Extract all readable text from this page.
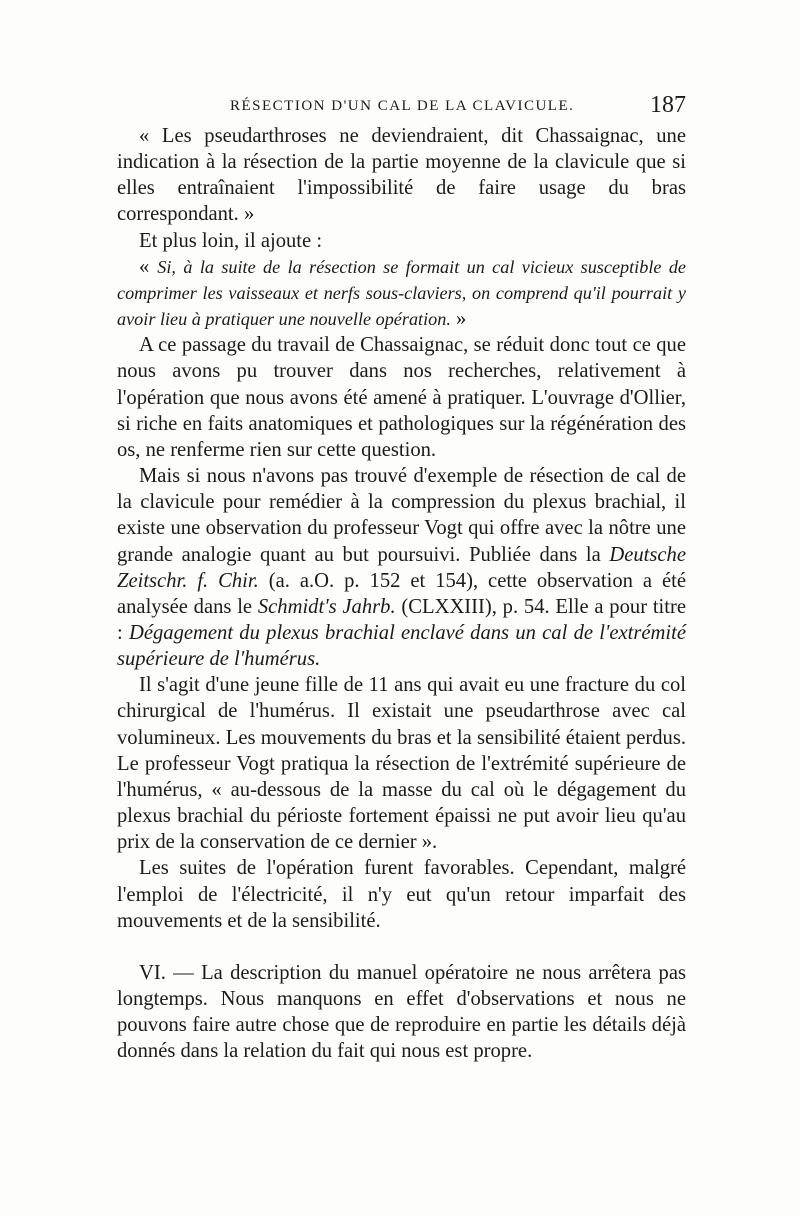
RÉSECTION D'UN CAL DE LA CLAVICULE.	187

« Les pseudarthroses ne deviendraient, dit Chassaignac, une indication à la résection de la partie moyenne de la clavicule que si elles entraînaient l'impossibilité de faire usage du bras correspondant. »

Et plus loin, il ajoute :

« Si, à la suite de la résection se formait un cal vicieux susceptible de comprimer les vaisseaux et nerfs sous-claviers, on comprend qu'il pourrait y avoir lieu à pratiquer une nouvelle opération. »

A ce passage du travail de Chassaignac, se réduit donc tout ce que nous avons pu trouver dans nos recherches, relativement à l'opération que nous avons été amené à pratiquer. L'ouvrage d'Ollier, si riche en faits anatomiques et pathologiques sur la régénération des os, ne renferme rien sur cette question.

Mais si nous n'avons pas trouvé d'exemple de résection de cal de la clavicule pour remédier à la compression du plexus brachial, il existe une observation du professeur Vogt qui offre avec la nôtre une grande analogie quant au but poursuivi. Publiée dans la Deutsche Zeitschr. f. Chir. (a. a.O. p. 152 et 154), cette observation a été analysée dans le Schmidt's Jahrb. (CLXXIII), p. 54. Elle a pour titre : Dégagement du plexus brachial enclavé dans un cal de l'extrémité supérieure de l'humérus.

Il s'agit d'une jeune fille de 11 ans qui avait eu une fracture du col chirurgical de l'humérus. Il existait une pseudarthrose avec cal volumineux. Les mouvements du bras et la sensibilité étaient perdus. Le professeur Vogt pratiqua la résection de l'extrémité supérieure de l'humérus, « au-dessous de la masse du cal où le dégagement du plexus brachial du périoste fortement épaissi ne put avoir lieu qu'au prix de la conservation de ce dernier ».

Les suites de l'opération furent favorables. Cependant, malgré l'emploi de l'électricité, il n'y eut qu'un retour imparfait des mouvements et de la sensibilité.

VI. — La description du manuel opératoire ne nous arrêtera pas longtemps. Nous manquons en effet d'observations et nous ne pouvons faire autre chose que de reproduire en partie les détails déjà donnés dans la relation du fait qui nous est propre.
